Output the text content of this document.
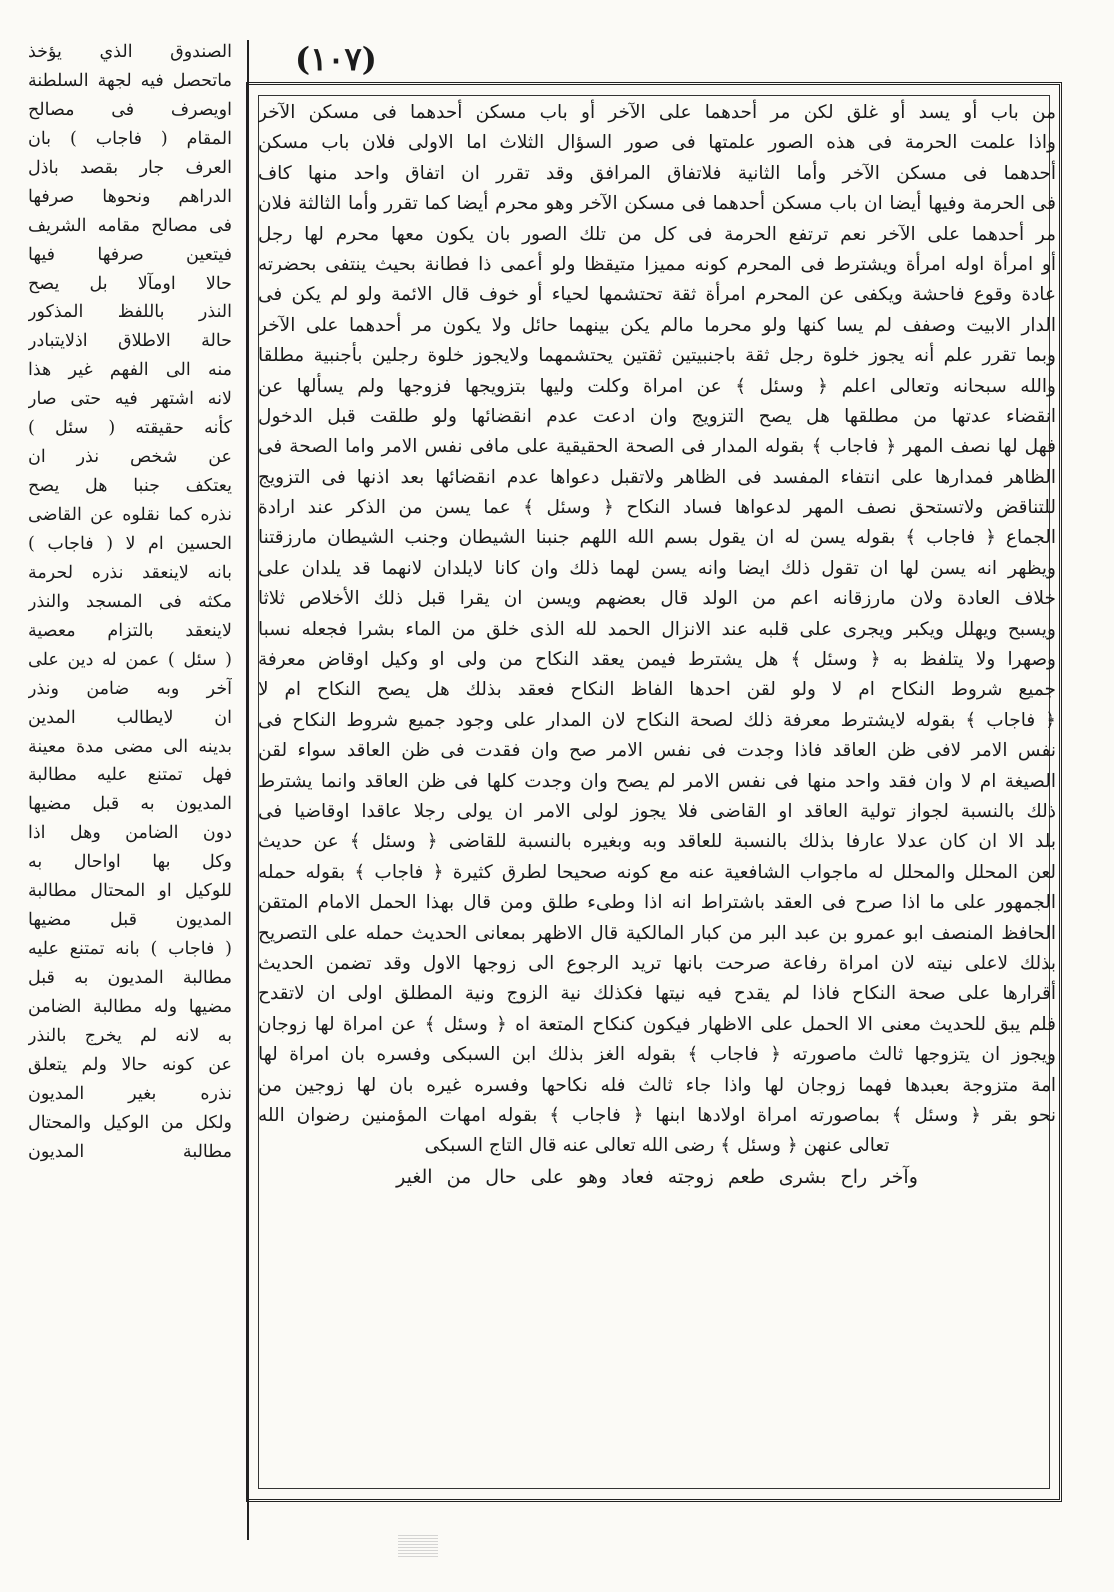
(۱۰۷)
الصندوق الذي يؤخذ
ماتحصل فيه لجهة السلطنة
اويصرف فى مصالح
المقام ( فاجاب ) بان
العرف جار بقصد باذل
الدراهم ونحوها صرفها
فى مصالح مقامه الشريف
فيتعين صرفها فيها
حالا اومآلا بل يصح
النذر باللفظ المذكور
حالة الاطلاق اذلايتبادر
منه الى الفهم غير هذا
لانه اشتهر فيه حتى صار
كأنه حقيقته ( سئل )
عن شخص نذر ان
يعتكف جنبا هل يصح
نذره كما نقلوه عن القاضى
الحسين ام لا ( فاجاب )
بانه لاينعقد نذره لحرمة
مكثه فى المسجد والنذر
لاينعقد بالتزام معصية
( سئل ) عمن له دين على
آخر وبه ضامن ونذر
ان لايطالب المدين
بدينه الى مضى مدة معينة
فهل تمتنع عليه مطالبة
المديون به قبل مضيها
دون الضامن وهل اذا
وكل بها اواحال به
للوكيل او المحتال مطالبة
المديون قبل مضيها
( فاجاب ) بانه تمتنع عليه
مطالبة المديون به قبل
مضيها وله مطالبة الضامن
به لانه لم يخرج بالنذر
عن كونه حالا ولم يتعلق
نذره بغير المديون
ولكل من الوكيل والمحتال
مطالبة المديون
من باب أو يسد أو غلق لكن مر أحدهما على الآخر أو باب مسكن أحدهما فى مسكن الآخر
واذا علمت الحرمة فى هذه الصور علمتها فى صور السؤال الثلاث اما الاولى فلان باب مسكن
أحدهما فى مسكن الآخر وأما الثانية فلاتفاق المرافق وقد تقرر ان اتفاق واحد منها كاف
فى الحرمة وفيها أيضا ان باب مسكن أحدهما فى مسكن الآخر وهو محرم أيضا كما تقرر وأما الثالثة فلان
مر أحدهما على الآخر نعم ترتفع الحرمة فى كل من تلك الصور بان يكون معها محرم لها رجل
أو امرأة اوله امرأة ويشترط فى المحرم كونه مميزا متيقظا ولو أعمى ذا فطانة بحيث ينتفى بحضرته
عادة وقوع فاحشة ويكفى عن المحرم امرأة ثقة تحتشمها لحياء أو خوف قال الائمة ولو لم يكن فى
الدار الابيت وصفف لم يسا كنها ولو محرما مالم يكن بينهما حائل ولا يكون مر أحدهما على الآخر
وبما تقرر علم أنه يجوز خلوة رجل ثقة باجنبيتين ثقتين يحتشمهما ولايجوز خلوة رجلين بأجنبية مطلقا
والله سبحانه وتعالى اعلم ﴿ وسئل ﴾ عن امراة وكلت وليها بتزويجها فزوجها ولم يسألها عن
انقضاء عدتها من مطلقها هل يصح التزويج وان ادعت عدم انقضائها ولو طلقت قبل الدخول
فهل لها نصف المهر ﴿ فاجاب ﴾ بقوله المدار فى الصحة الحقيقية على مافى نفس الامر واما الصحة فى
الظاهر فمدارها على انتفاء المفسد فى الظاهر ولاتقبل دعواها عدم انقضائها بعد اذنها فى التزويج
للتناقض ولاتستحق نصف المهر لدعواها فساد النكاح ﴿ وسئل ﴾ عما يسن من الذكر عند ارادة
الجماع ﴿ فاجاب ﴾ بقوله يسن له ان يقول بسم الله اللهم جنبنا الشيطان وجنب الشيطان مارزقتنا
ويظهر انه يسن لها ان تقول ذلك ايضا وانه يسن لهما ذلك وان كانا لايلدان لانهما قد يلدان على
خلاف العادة ولان مارزقانه اعم من الولد قال بعضهم ويسن ان يقرا قبل ذلك الأخلاص ثلاثا
ويسبح ويهلل ويكبر ويجرى على قلبه عند الانزال الحمد لله الذى خلق من الماء بشرا فجعله نسبا
وصهرا ولا يتلفظ به ﴿ وسئل ﴾ هل يشترط فيمن يعقد النكاح من ولى او وكيل اوقاض معرفة
جميع شروط النكاح ام لا ولو لقن احدها الفاظ النكاح فعقد بذلك هل يصح النكاح ام لا
﴿ فاجاب ﴾ بقوله لايشترط معرفة ذلك لصحة النكاح لان المدار على وجود جميع شروط النكاح فى
نفس الامر لافى ظن العاقد فاذا وجدت فى نفس الامر صح وان فقدت فى ظن العاقد سواء لقن
الصيغة ام لا وان فقد واحد منها فى نفس الامر لم يصح وان وجدت كلها فى ظن العاقد وانما يشترط
ذلك بالنسبة لجواز تولية العاقد او القاضى فلا يجوز لولى الامر ان يولى رجلا عاقدا اوقاضيا فى
بلد الا ان كان عدلا عارفا بذلك بالنسبة للعاقد وبه وبغيره بالنسبة للقاضى ﴿ وسئل ﴾ عن حديث
لعن المحلل والمحلل له ماجواب الشافعية عنه مع كونه صحيحا لطرق كثيرة ﴿ فاجاب ﴾ بقوله حمله
الجمهور على ما اذا صرح فى العقد باشتراط انه اذا وطىء طلق ومن قال بهذا الحمل الامام المتقن
الحافظ المنصف ابو عمرو بن عبد البر من كبار المالكية قال الاظهر بمعانى الحديث حمله على التصريح
بذلك لاعلى نيته لان امراة رفاعة صرحت بانها تريد الرجوع الى زوجها الاول وقد تضمن الحديث
أقرارها على صحة النكاح فاذا لم يقدح فيه نيتها فكذلك نية الزوج ونية المطلق اولى ان لاتقدح
فلم يبق للحديث معنى الا الحمل على الاظهار فيكون كنكاح المتعة اه ﴿ وسئل ﴾ عن امراة لها زوجان
ويجوز ان يتزوجها ثالث ماصورته ﴿ فاجاب ﴾ بقوله الغز بذلك ابن السبكى وفسره بان امراة لها
امة متزوجة بعبدها فهما زوجان لها واذا جاء ثالث فله نكاحها وفسره غيره بان لها زوجين من
نحو بقر ﴿ وسئل ﴾ بماصورته امراة اولادها ابنها ﴿ فاجاب ﴾ بقوله امهات المؤمنين رضوان الله
تعالى عنهن ﴿ وسئل ﴾ رضى الله تعالى عنه قال التاج السبكى
وآخر راح بشرى طعم زوجته فعاد وهو على حال من الغير
